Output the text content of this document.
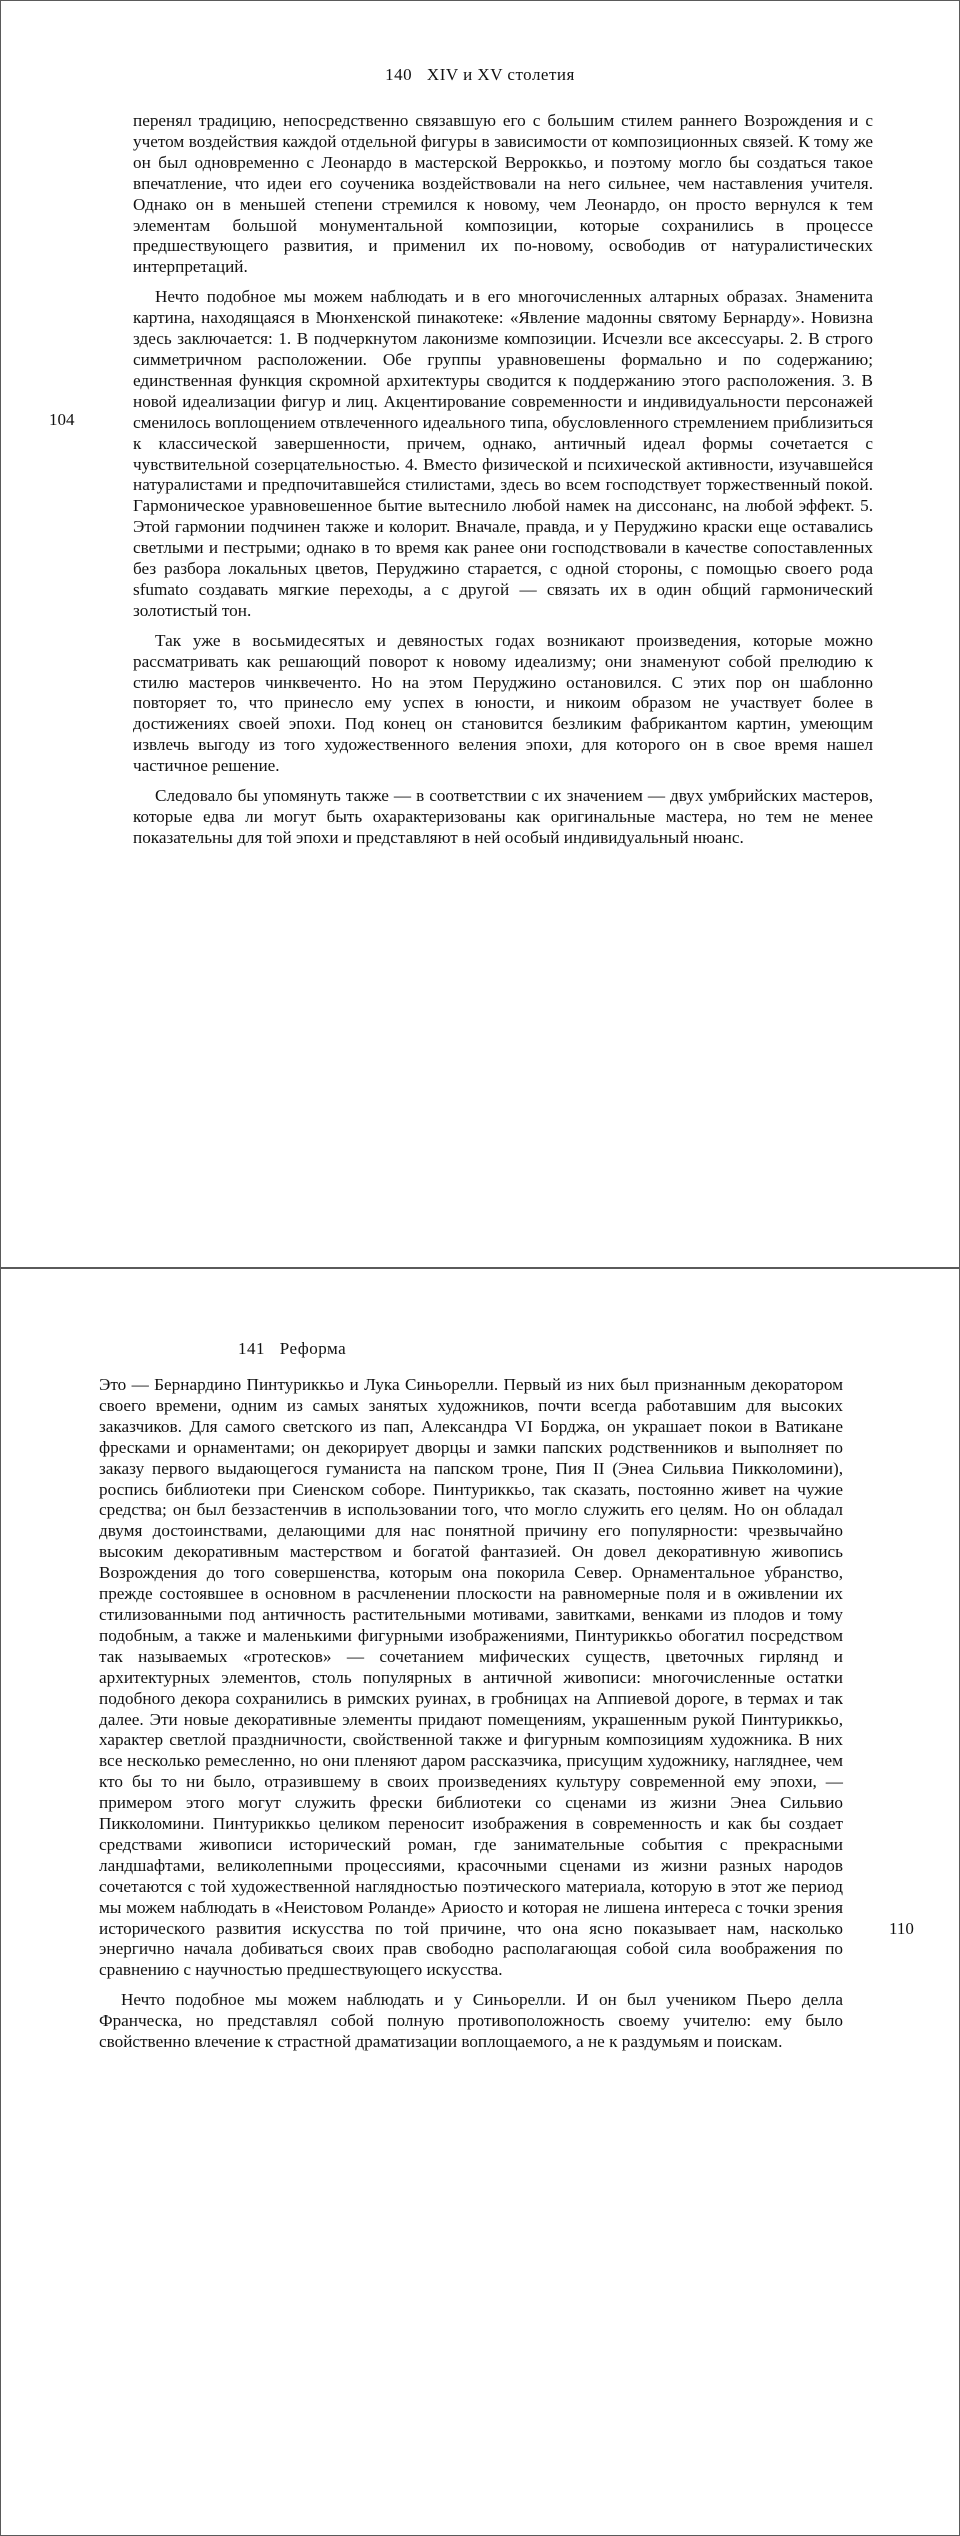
140 XIV и XV столетия
104

перенял традицию, непосредственно связавшую его с большим стилем раннего Возрождения и с учетом воздействия каждой отдельной фигуры в зависимости от композиционных связей. К тому же он был одновременно с Леонардо в мастерской Верроккьо, и поэтому могло бы создаться такое впечатление, что идеи его соученика воздействовали на него сильнее, чем наставления учителя. Однако он в меньшей степени стремился к новому, чем Леонардо, он просто вернулся к тем элементам большой монументальной композиции, которые сохранились в процессе предшествующего развития, и применил их по-новому, освободив от натуралистических интерпретаций.

Нечто подобное мы можем наблюдать и в его многочисленных алтарных образах. Знаменита картина, находящаяся в Мюнхенской пинакотеке: «Явление мадонны святому Бернарду». Новизна здесь заключается: 1. В подчеркнутом лаконизме композиции. Исчезли все аксессуары. 2. В строго симметричном расположении. Обе группы уравновешены формально и по содержанию; единственная функция скромной архитектуры сводится к поддержанию этого расположения. 3. В новой идеализации фигур и лиц. Акцентирование современности и индивидуальности персонажей сменилось воплощением отвлеченного идеального типа, обусловленного стремлением приблизиться к классической завершенности, причем, однако, античный идеал формы сочетается с чувствительной созерцательностью. 4. Вместо физической и психической активности, изучавшейся натуралистами и предпочитавшейся стилистами, здесь во всем господствует торжественный покой. Гармоническое уравновешенное бытие вытеснило любой намек на диссонанс, на любой эффект. 5. Этой гармонии подчинен также и колорит. Вначале, правда, и у Перуджино краски еще оставались светлыми и пестрыми; однако в то время как ранее они господствовали в качестве сопоставленных без разбора локальных цветов, Перуджино старается, с одной стороны, с помощью своего рода sfumato создавать мягкие переходы, а с другой — связать их в один общий гармонический золотистый тон.

Так уже в восьмидесятых и девяностых годах возникают произведения, которые можно рассматривать как решающий поворот к новому идеализму; они знаменуют собой прелюдию к стилю мастеров чинквеченто. Но на этом Перуджино остановился. С этих пор он шаблонно повторяет то, что принесло ему успех в юности, и никоим образом не участвует более в достижениях своей эпохи. Под конец он становится безликим фабрикантом картин, умеющим извлечь выгоду из того художественного веления эпохи, для которого он в свое время нашел частичное решение.

Следовало бы упомянуть также — в соответствии с их значением — двух умбрийских мастеров, которые едва ли могут быть охарактеризованы как оригинальные мастера, но тем не менее показательны для той эпохи и представляют в ней особый индивидуальный нюанс.

141 Реформа
110

Это — Бернардино Пинтуриккьо и Лука Синьорелли. Первый из них был признанным декоратором своего времени, одним из самых занятых художников, почти всегда работавшим для высоких заказчиков. Для самого светского из пап, Александра VI Борджа, он украшает покои в Ватикане фресками и орнаментами; он декорирует дворцы и замки папских родственников и выполняет по заказу первого выдающегося гуманиста на папском троне, Пия II (Энеа Сильвиа Пикколомини), роспись библиотеки при Сиенском соборе. Пинтуриккьо, так сказать, постоянно живет на чужие средства; он был беззастенчив в использовании того, что могло служить его целям. Но он обладал двумя достоинствами, делающими для нас понятной причину его популярности: чрезвычайно высоким декоративным мастерством и богатой фантазией. Он довел декоративную живопись Возрождения до того совершенства, которым она покорила Север. Орнаментальное убранство, прежде состоявшее в основном в расчленении плоскости на равномерные поля и в оживлении их стилизованными под античность растительными мотивами, завитками, венками из плодов и тому подобным, а также и маленькими фигурными изображениями, Пинтуриккьо обогатил посредством так называемых «гротесков» — сочетанием мифических существ, цветочных гирлянд и архитектурных элементов, столь популярных в античной живописи: многочисленные остатки подобного декора сохранились в римских руинах, в гробницах на Аппиевой дороге, в термах и так далее. Эти новые декоративные элементы придают помещениям, украшенным рукой Пинтуриккьо, характер светлой праздничности, свойственной также и фигурным композициям художника. В них все несколько ремесленно, но они пленяют даром рассказчика, присущим художнику, нагляднее, чем кто бы то ни было, отразившему в своих произведениях культуру современной ему эпохи, — примером этого могут служить фрески библиотеки со сценами из жизни Энеа Сильвио Пикколомини. Пинтуриккьо целиком переносит изображения в современность и как бы создает средствами живописи исторический роман, где занимательные события с прекрасными ландшафтами, великолепными процессиями, красочными сценами из жизни разных народов сочетаются с той художественной наглядностью поэтического материала, которую в этот же период мы можем наблюдать в «Неистовом Роланде» Ариосто и которая не лишена интереса с точки зрения исторического развития искусства по той причине, что она ясно показывает нам, насколько энергично начала добиваться своих прав свободно располагающая собой сила воображения по сравнению с научностью предшествующего искусства.

Нечто подобное мы можем наблюдать и у Синьорелли. И он был учеником Пьеро делла Франческа, но представлял собой полную противоположность своему учителю: ему было свойственно влечение к страстной драматизации воплощаемого, а не к раздумьям и поискам.
